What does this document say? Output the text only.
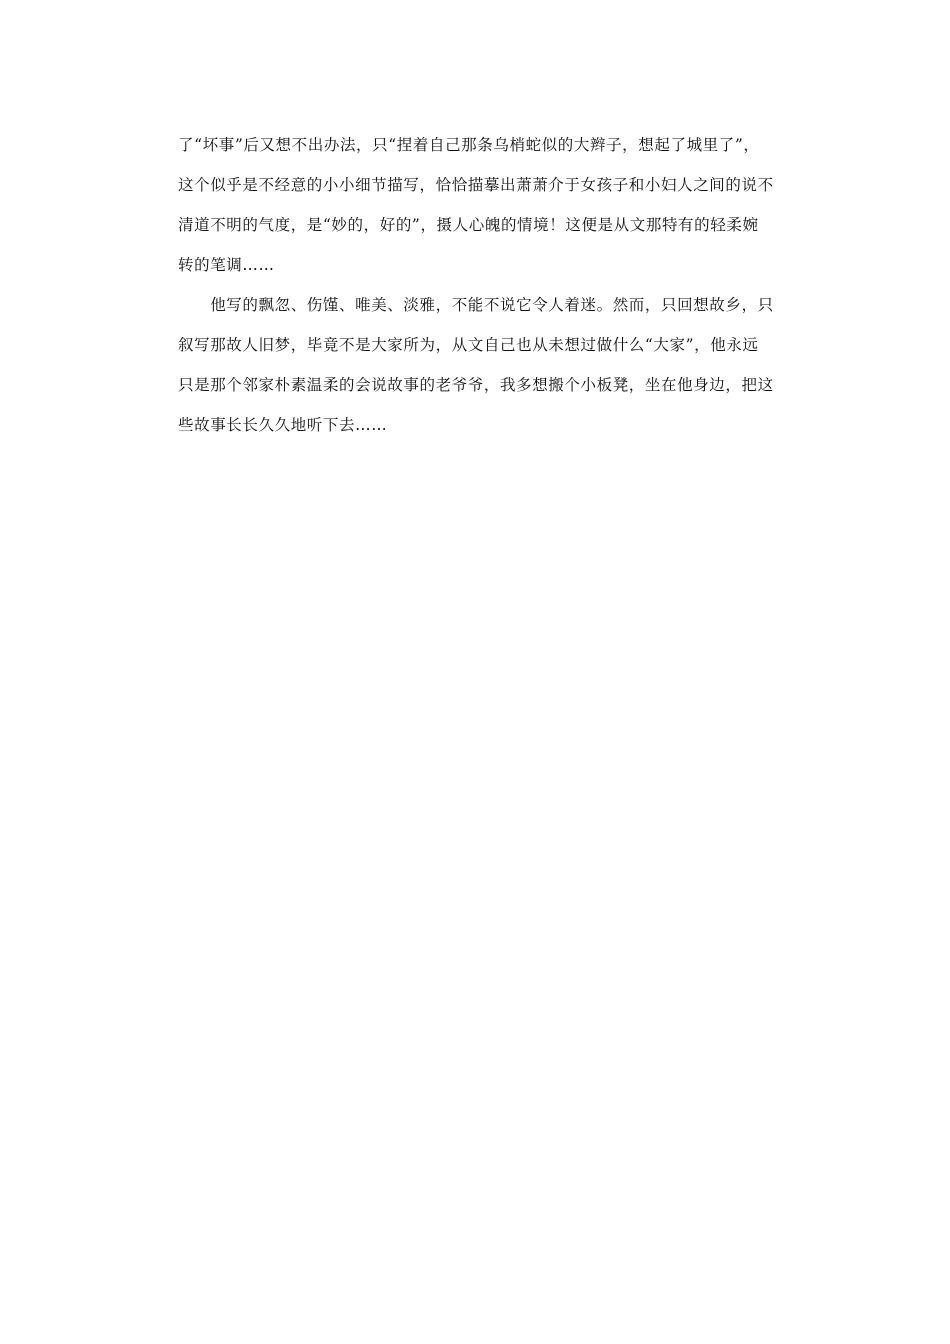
了“坏事”后又想不出办法，只“捏着自己那条乌梢蛇似的大辫子，想起了城里了”，
这个似乎是不经意的小小细节描写，恰恰描摹出萧萧介于女孩子和小妇人之间的说不
清道不明的气度，是“妙的，好的”，摄人心魄的情境！这便是从文那特有的轻柔婉
转的笔调……
　　他写的飘忽、伤馑、唯美、淡雅，不能不说它令人着迷。然而，只回想故乡，只
叙写那故人旧梦，毕竟不是大家所为，从文自己也从未想过做什么“大家”，他永远
只是那个邻家朴素温柔的会说故事的老爷爷，我多想搬个小板凳，坐在他身边，把这
些故事长长久久地听下去……
